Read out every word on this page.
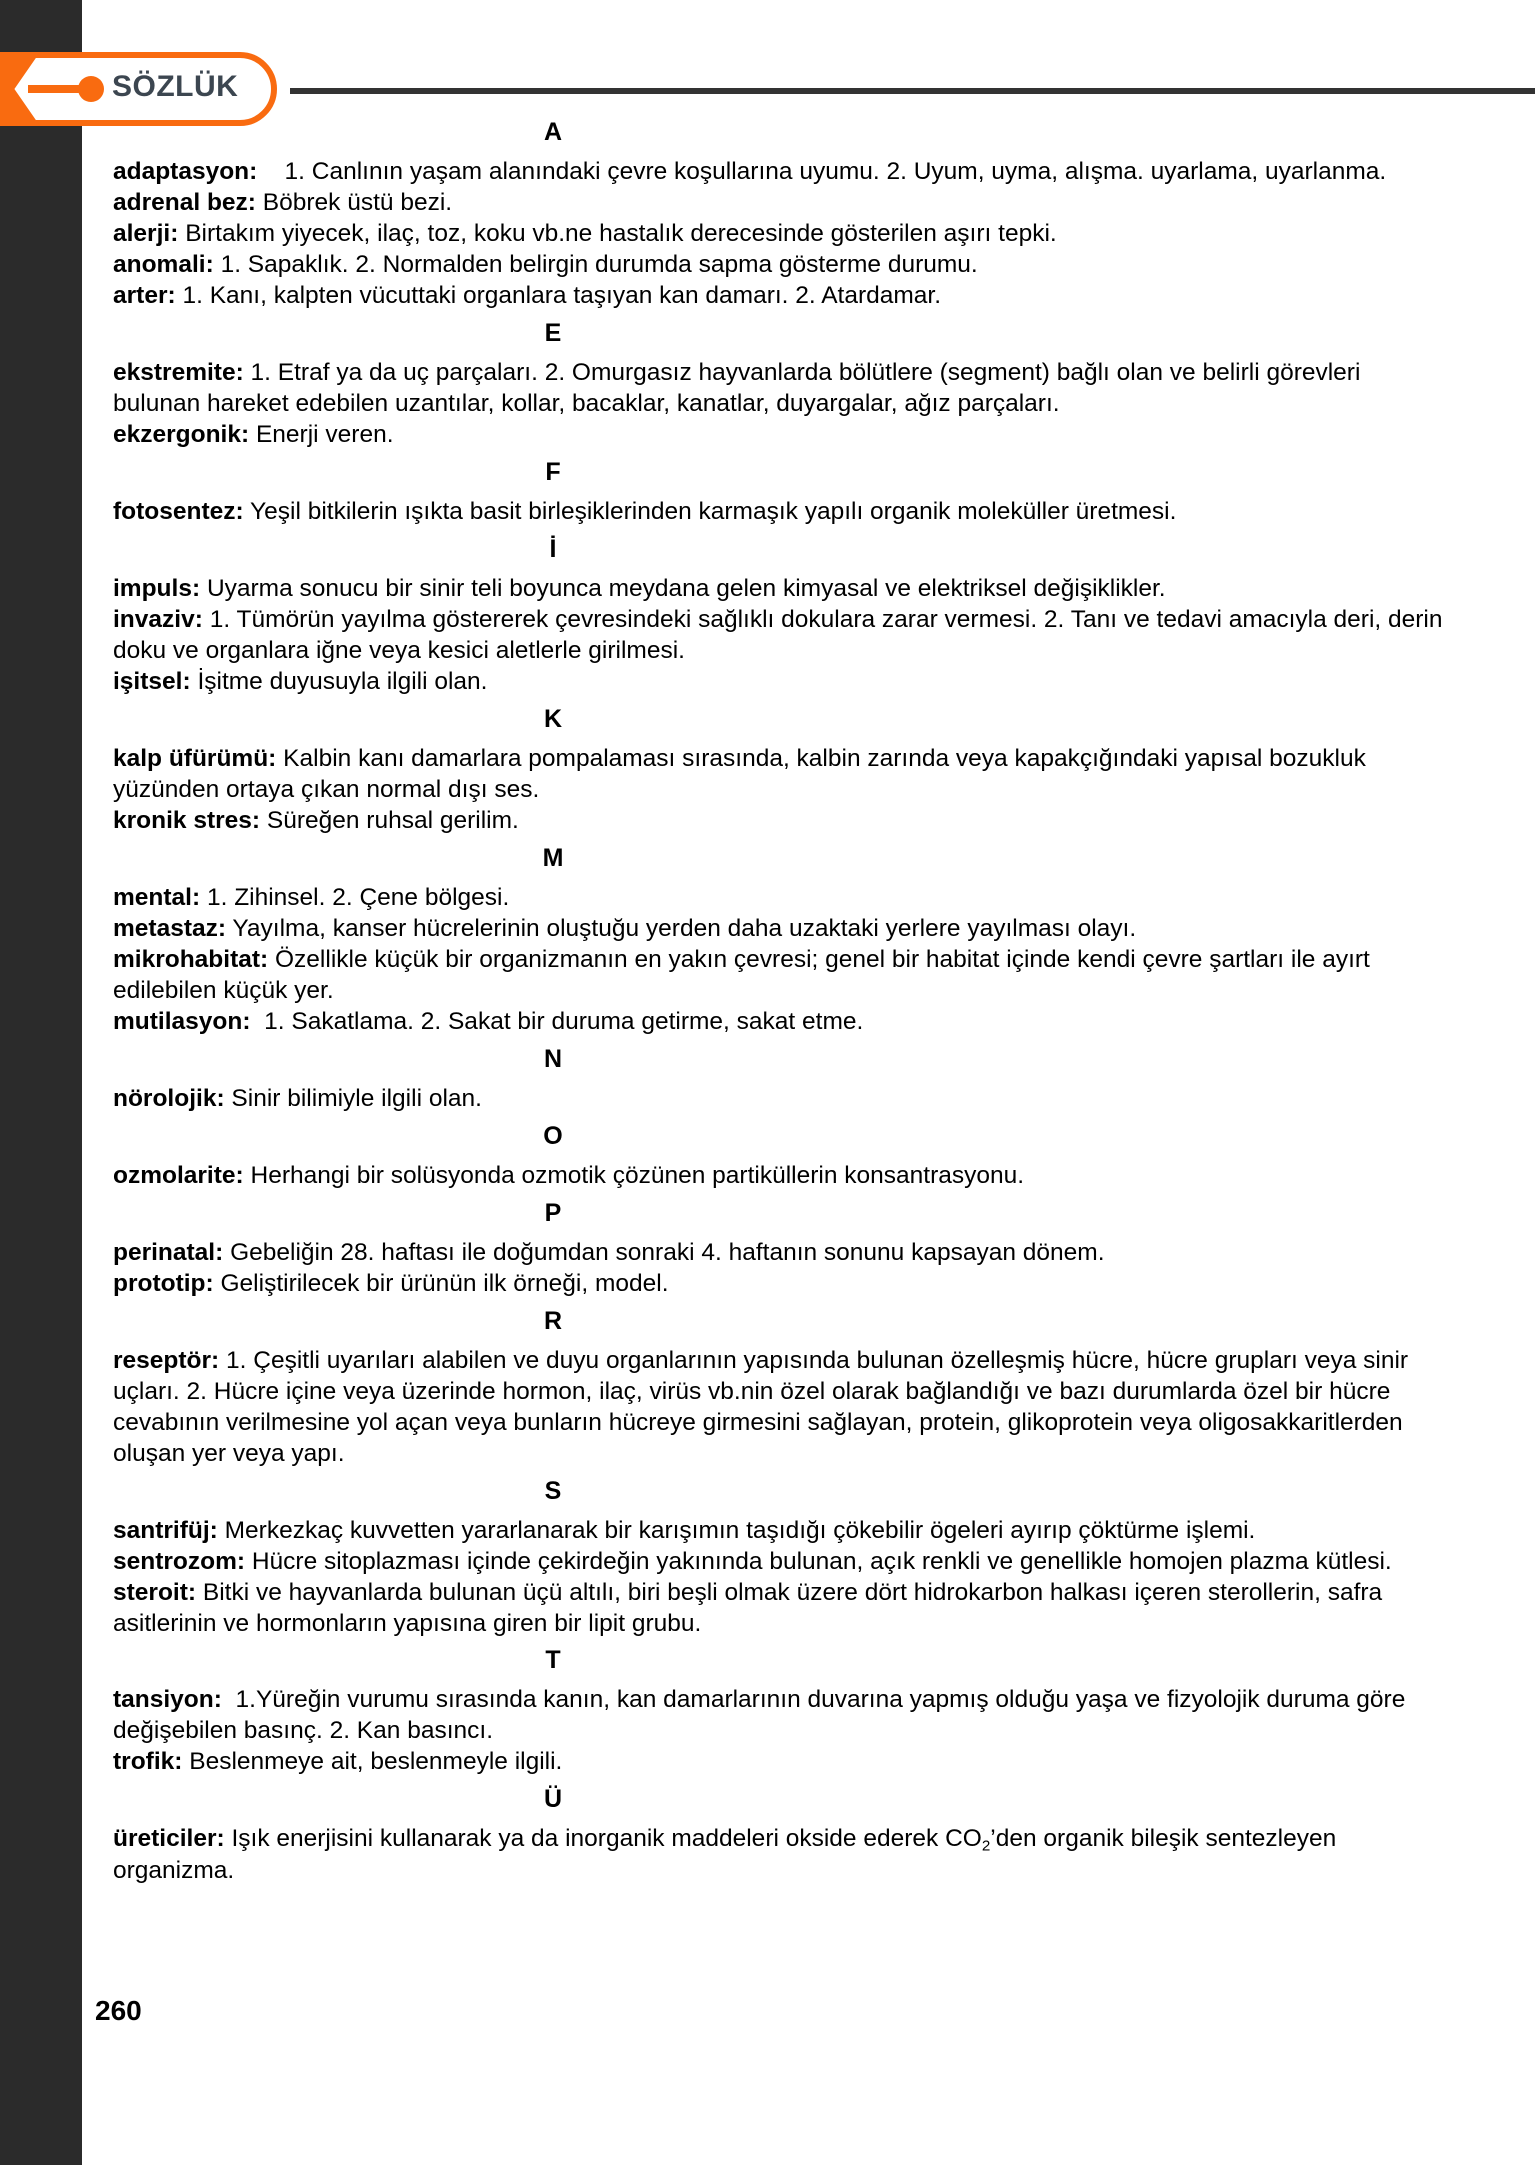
SÖZLÜK
A

adaptasyon: 1. Canlının yaşam alanındaki çevre koşullarına uyumu. 2. Uyum, uyma, alışma. uyarlama, uyarlanma.

adrenal bez: Böbrek üstü bezi.

alerji: Birtakım yiyecek, ilaç, toz, koku vb.ne hastalık derecesinde gösterilen aşırı tepki.

anomali: 1. Sapaklık. 2. Normalden belirgin durumda sapma gösterme durumu.

arter: 1. Kanı, kalpten vücuttaki organlara taşıyan kan damarı. 2. Atardamar.

E

ekstremite: 1. Etraf ya da uç parçaları. 2. Omurgasız hayvanlarda bölütlere (segment) bağlı olan ve belirli görevleri bulunan hareket edebilen uzantılar, kollar, bacaklar, kanatlar, duyargalar, ağız parçaları.

ekzergonik: Enerji veren.

F

fotosentez: Yeşil bitkilerin ışıkta basit birleşiklerinden karmaşık yapılı organik moleküller üretmesi.

İ

impuls: Uyarma sonucu bir sinir teli boyunca meydana gelen kimyasal ve elektriksel değişiklikler.

invaziv: 1. Tümörün yayılma göstererek çevresindeki sağlıklı dokulara zarar vermesi. 2. Tanı ve tedavi amacıyla deri, derin doku ve organlara iğne veya kesici aletlerle girilmesi.

işitsel: İşitme duyusuyla ilgili olan.

K

kalp üfürümü: Kalbin kanı damarlara pompalaması sırasında, kalbin zarında veya kapakçığındaki yapısal bozukluk yüzünden ortaya çıkan normal dışı ses.

kronik stres: Süreğen ruhsal gerilim.

M

mental: 1. Zihinsel. 2. Çene bölgesi.

metastaz: Yayılma, kanser hücrelerinin oluştuğu yerden daha uzaktaki yerlere yayılması olayı.

mikrohabitat: Özellikle küçük bir organizmanın en yakın çevresi; genel bir habitat içinde kendi çevre şartları ile ayırt edilebilen küçük yer.

mutilasyon: 1. Sakatlama. 2. Sakat bir duruma getirme, sakat etme.

N

nörolojik: Sinir bilimiyle ilgili olan.

O

ozmolarite: Herhangi bir solüsyonda ozmotik çözünen partiküllerin konsantrasyonu.

P

perinatal: Gebeliğin 28. haftası ile doğumdan sonraki 4. haftanın sonunu kapsayan dönem.

prototip: Geliştirilecek bir ürünün ilk örneği, model.

R

reseptör: 1. Çeşitli uyarıları alabilen ve duyu organlarının yapısında bulunan özelleşmiş hücre, hücre grupları veya sinir uçları. 2. Hücre içine veya üzerinde hormon, ilaç, virüs vb.nin özel olarak bağlandığı ve bazı durumlarda özel bir hücre cevabının verilmesine yol açan veya bunların hücreye girmesini sağlayan, protein, glikoprotein veya oligosakkaritlerden oluşan yer veya yapı.

S

santrifüj: Merkezkaç kuvvetten yararlanarak bir karışımın taşıdığı çökebilir ögeleri ayırıp çöktürme işlemi.

sentrozom: Hücre sitoplazması içinde çekirdeğin yakınında bulunan, açık renkli ve genellikle homojen plazma kütlesi.

steroit: Bitki ve hayvanlarda bulunan üçü altılı, biri beşli olmak üzere dört hidrokarbon halkası içeren sterollerin, safra asitlerinin ve hormonların yapısına giren bir lipit grubu.

T

tansiyon: 1.Yüreğin vurumu sırasında kanın, kan damarlarının duvarına yapmış olduğu yaşa ve fizyolojik duruma göre değişebilen basınç. 2. Kan basıncı.

trofik: Beslenmeye ait, beslenmeyle ilgili.

Ü

üreticiler: Işık enerjisini kullanarak ya da inorganik maddeleri okside ederek $CO_2’den$ organik bileşik sentezleyen organizma.

260
